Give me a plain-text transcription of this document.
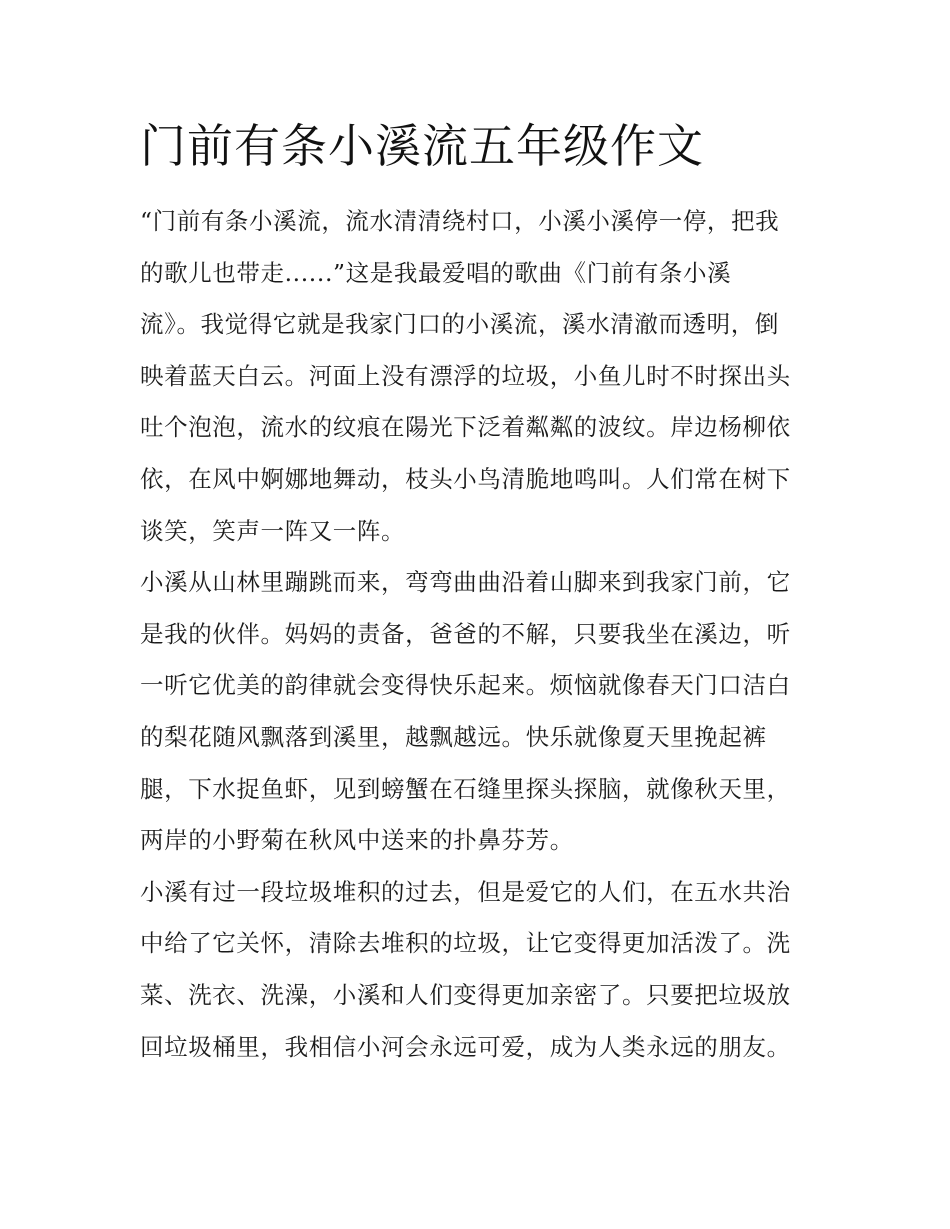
门前有条小溪流五年级作文
“门前有条小溪流，流水清清绕村口，小溪小溪停一停，把我
的歌儿也带走......”这是我最爱唱的歌曲《门前有条小溪
流》。我觉得它就是我家门口的小溪流，溪水清澈而透明，倒
映着蓝天白云。河面上没有漂浮的垃圾，小鱼儿时不时探出头
吐个泡泡，流水的纹痕在陽光下泛着粼粼的波纹。岸边杨柳依
依，在风中婀娜地舞动，枝头小鸟清脆地鸣叫。人们常在树下
谈笑，笑声一阵又一阵。
小溪从山林里蹦跳而来，弯弯曲曲沿着山脚来到我家门前，它
是我的伙伴。妈妈的责备，爸爸的不解，只要我坐在溪边，听
一听它优美的韵律就会变得快乐起来。烦恼就像春天门口洁白
的梨花随风飘落到溪里，越飘越远。快乐就像夏天里挽起裤
腿，下水捉鱼虾，见到螃蟹在石缝里探头探脑，就像秋天里，
两岸的小野菊在秋风中送来的扑鼻芬芳。
小溪有过一段垃圾堆积的过去，但是爱它的人们，在五水共治
中给了它关怀，清除去堆积的垃圾，让它变得更加活泼了。洗
菜、洗衣、洗澡，小溪和人们变得更加亲密了。只要把垃圾放
回垃圾桶里，我相信小河会永远可爱，成为人类永远的朋友。
